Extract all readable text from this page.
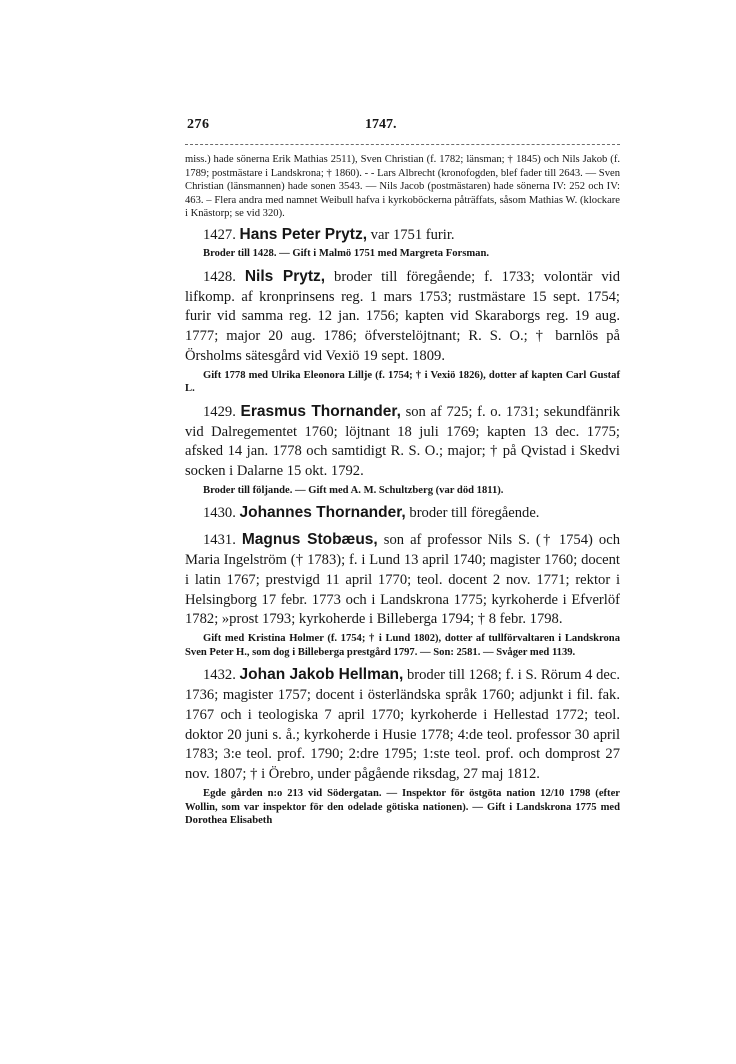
276	1747.

miss.) hade sönerna Erik Mathias 2511), Sven Christian (f. 1782; länsman; † 1845) och Nils Jakob (f. 1789; postmästare i Landskrona; † 1860). - - Lars Albrecht (kronofogden, blef fader till 2643. — Sven Christian (länsmannen) hade sonen 3543. — Nils Jacob (postmästaren) hade sönerna IV: 252 och IV: 463. – Flera andra med namnet Weibull hafva i kyrkoböckerna påträffats, såsom Mathias W. (klockare i Knästorp; se vid 320).

1427. Hans Peter Prytz, var 1751 furir.

Broder till 1428. — Gift i Malmö 1751 med Margreta Forsman.

1428. Nils Prytz, broder till föregående; f. 1733; volontär vid lifkomp. af kronprinsens reg. 1 mars 1753; rustmästare 15 sept. 1754; furir vid samma reg. 12 jan. 1756; kapten vid Skaraborgs reg. 19 aug. 1777; major 20 aug. 1786; öfverstelöjtnant; R. S. O.; † barnlös på Örsholms sätesgård vid Vexiö 19 sept. 1809.

Gift 1778 med Ulrika Eleonora Lillje (f. 1754; † i Vexiö 1826), dotter af kapten Carl Gustaf L.

1429. Erasmus Thornander, son af 725; f. o. 1731; sekundfänrik vid Dalregementet 1760; löjtnant 18 juli 1769; kapten 13 dec. 1775; afsked 14 jan. 1778 och samtidigt R. S. O.; major; † på Qvistad i Skedvi socken i Dalarne 15 okt. 1792.

Broder till följande. — Gift med A. M. Schultzberg (var död 1811).

1430. Johannes Thornander, broder till föregående.

1431. Magnus Stobæus, son af professor Nils S. († 1754) och Maria Ingelström († 1783); f. i Lund 13 april 1740; magister 1760; docent i latin 1767; prestvigd 11 april 1770; teol. docent 2 nov. 1771; rektor i Helsingborg 17 febr. 1773 och i Landskrona 1775; kyrkoherde i Efverlöf 1782; »prost 1793; kyrkoherde i Billeberga 1794; † 8 febr. 1798.

Gift med Kristina Holmer (f. 1754; † i Lund 1802), dotter af tullförvaltaren i Landskrona Sven Peter H., som dog i Billeberga prestgård 1797. — Son: 2581. — Svåger med 1139.

1432. Johan Jakob Hellman, broder till 1268; f. i S. Rörum 4 dec. 1736; magister 1757; docent i österländska språk 1760; adjunkt i fil. fak. 1767 och i teologiska 7 april 1770; kyrkoherde i Hellestad 1772; teol. doktor 20 juni s. å.; kyrkoherde i Husie 1778; 4:de teol. professor 30 april 1783; 3:e teol. prof. 1790; 2:dre 1795; 1:ste teol. prof. och domprost 27 nov. 1807; † i Örebro, under pågående riksdag, 27 maj 1812.

Egde gården n:o 213 vid Södergatan. — Inspektor för östgöta nation 12/10 1798 (efter Wollin, som var inspektor för den odelade götiska nationen). — Gift i Landskrona 1775 med Dorothea Elisabeth
